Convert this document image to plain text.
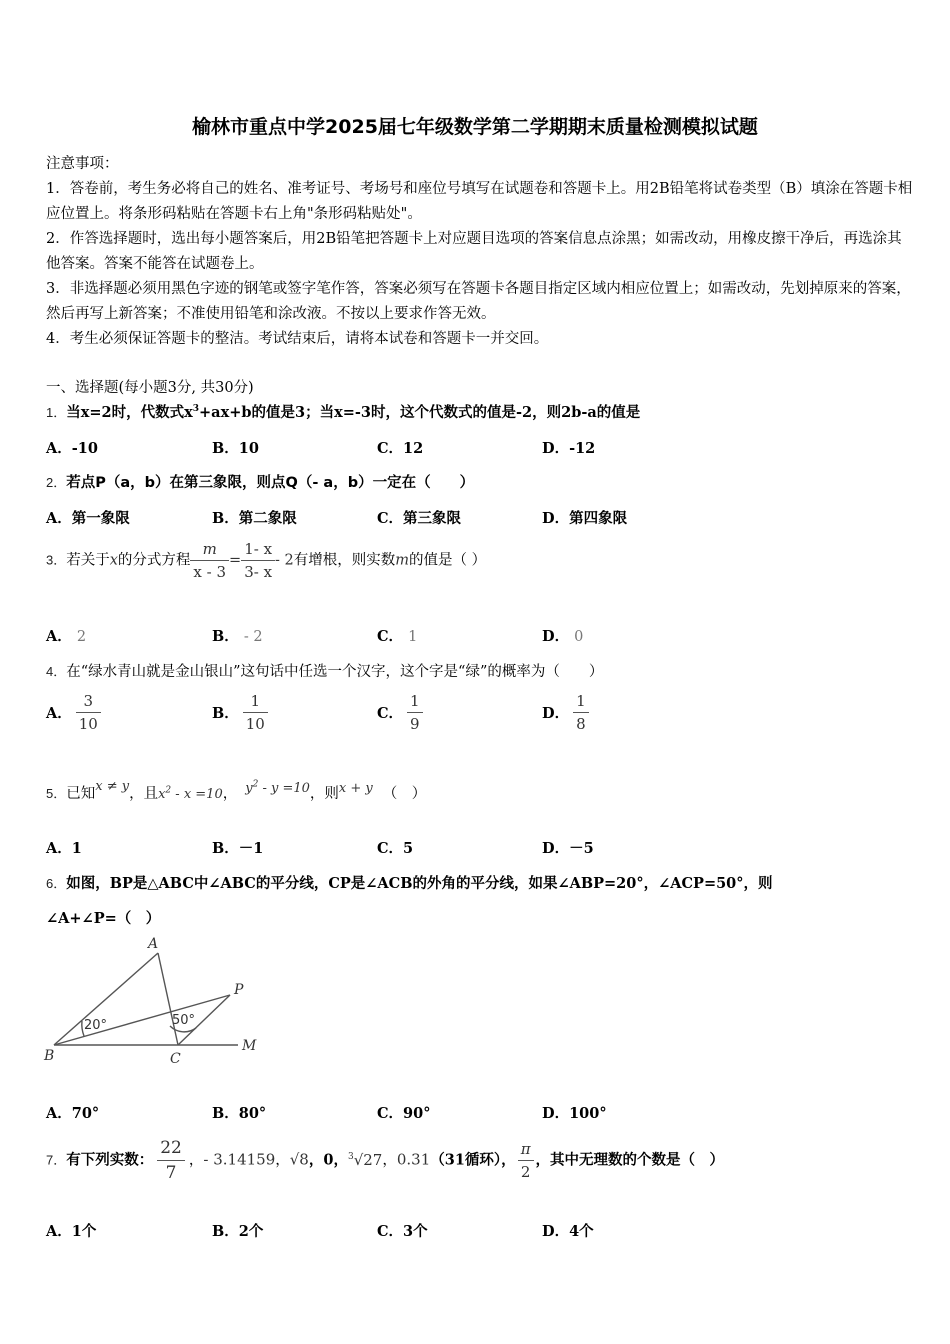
榆林市重点中学2025届七年级数学第二学期期末质量检测模拟试题

注意事项：

1．答卷前，考生务必将自己的姓名、准考证号、考场号和座位号填写在试题卷和答题卡上。用2B铅笔将试卷类型（B）填涂在答题卡相应位置上。将条形码粘贴在答题卡右上角"条形码粘贴处"。

2．作答选择题时，选出每小题答案后，用2B铅笔把答题卡上对应题目选项的答案信息点涂黑；如需改动，用橡皮擦干净后，再选涂其他答案。答案不能答在试题卷上。

3．非选择题必须用黑色字迹的钢笔或签字笔作答，答案必须写在答题卡各题目指定区域内相应位置上；如需改动，先划掉原来的答案，然后再写上新答案；不准使用铅笔和涂改液。不按以上要求作答无效。

4．考生必须保证答题卡的整洁。考试结束后，请将本试卷和答题卡一并交回。

一、选择题(每小题3分, 共30分)
1．当x=2时，代数式$x^3+ax+b$的值是3；当x=-3时，这个代数式的值是-2，则2b-a的值是
A．-10	B．10	C．12	D．-12
2．若点P（a，b）在第三象限，则点Q（- a，b）一定在（　　）
A．第一象限	B．第二象限	C．第三象限	D．第四象限
3．若关于x的分式方程 $\frac{m}{x - 3} = \frac{1- x}{3- x} - 2$有增根，则实数m的值是（ ）
A． 2	B． - 2	C． 1	D． 0
4．在“绿水青山就是金山银山”这句话中任选一个汉字，这个字是“绿”的概率为（　　）
A． $\frac{3}{10}$	B． $\frac{1}{10}$	C． $\frac{1}{9}$	D． $\frac{1}{8}$
5．已知x ≠ y，且$x^2 - x =10$， $y^2 - y =10$，则x + y （　）
A．1	B．－1	C．5	D．－5
6．如图，BP是△ABC中∠ABC的平分线，CP是∠ACB的外角的平分线，如果∠ABP=20°，∠ACP=50°，则
∠A+∠P=（　）
A
B	C
P
M
20°	50°
A．70°	B．80°	C．90°	D．100°
7．有下列实数： $\frac{22}{7}$ ，- 3.14159，√8，0，$^3$√27，0.31（31循环）， $\frac{\pi}{2}$ ，其中无理数的个数是（　）
A．1个	B．2个	C．3个	D．4个
